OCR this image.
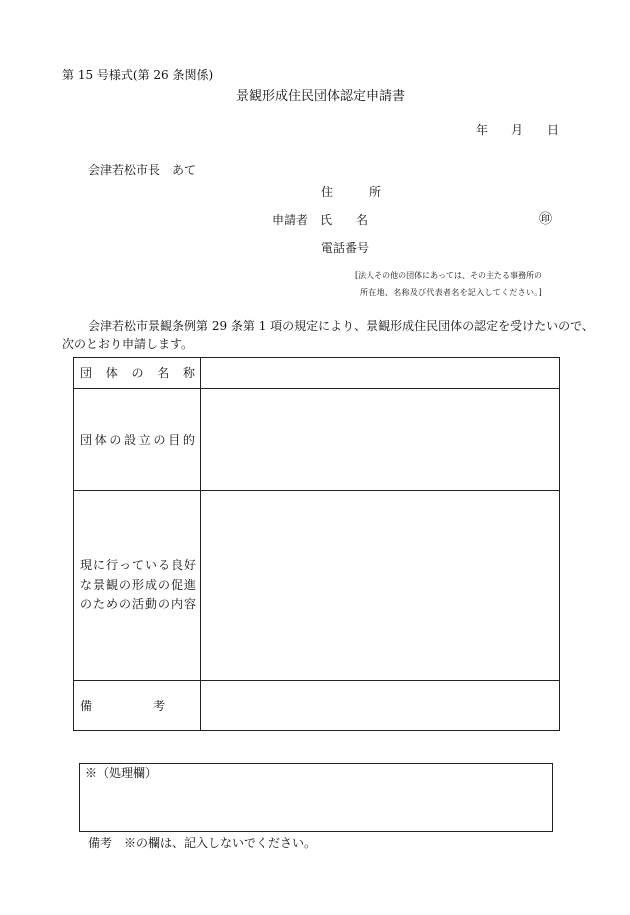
第 15 号様式(第 26 条関係)
景観形成住民団体認定申請書
年 月 日
会津若松市長　あて
住　　所
申請者 氏　　名	㊞
電話番号
[法人その他の団体にあっては、その主たる事務所の
所在地、名称及び代表者名を記入してください。]
会津若松市景観条例第 29 条第 1 項の規定により、景観形成住民団体の認定を受けたいので、
次のとおり申請します。
団体の名称	
団体の設立の目的	

現に行っている良好
な景観の形成の促進
のための活動の内容	

備考	
※（処理欄）
備考　※の欄は、記入しないでください。
